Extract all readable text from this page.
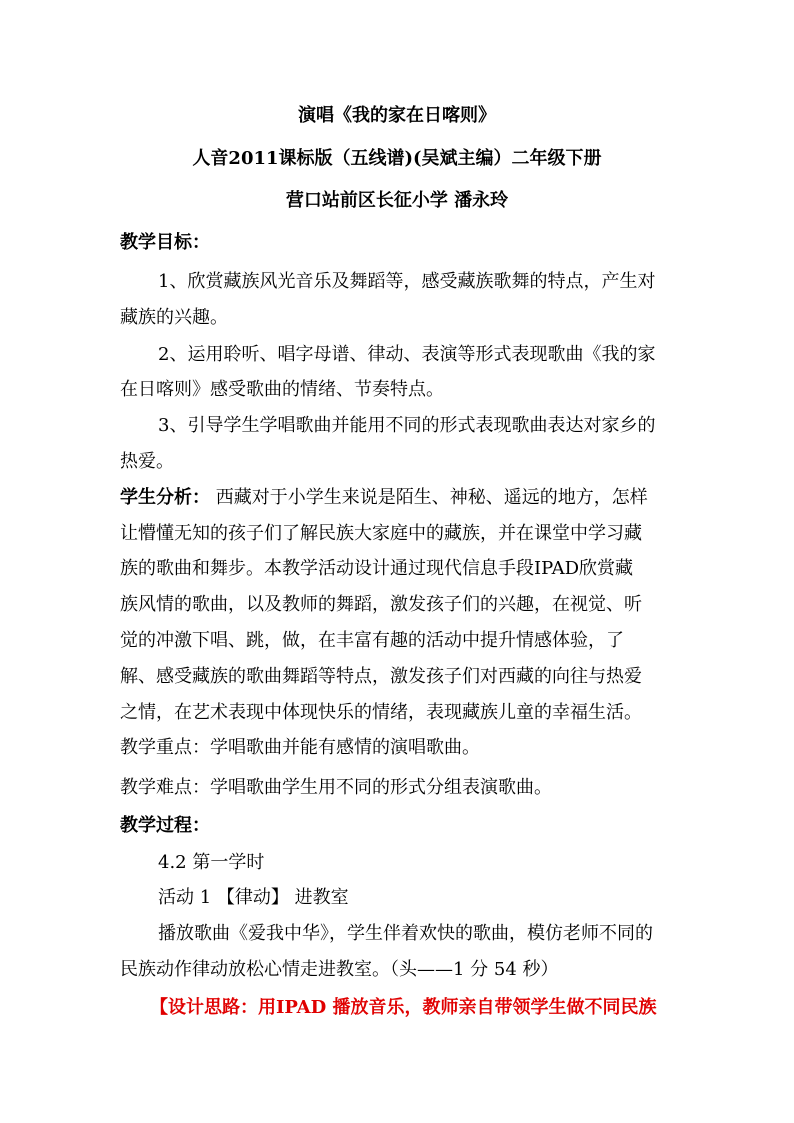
演唱《我的家在日喀则》
人音2011课标版（五线谱)(吴斌主编）二年级下册
营口站前区长征小学 潘永玲
教学目标：
1、欣赏藏族风光音乐及舞蹈等，感受藏族歌舞的特点，产生对
藏族的兴趣。
2、运用聆听、唱字母谱、律动、表演等形式表现歌曲《我的家
在日喀则》感受歌曲的情绪、节奏特点。
3、引导学生学唱歌曲并能用不同的形式表现歌曲表达对家乡的
热爱。
学生分析： 西藏对于小学生来说是陌生、神秘、遥远的地方，怎样
让懵懂无知的孩子们了解民族大家庭中的藏族，并在课堂中学习藏
族的歌曲和舞步。本教学活动设计通过现代信息手段IPAD欣赏藏
族风情的歌曲，以及教师的舞蹈，激发孩子们的兴趣，在视觉、听
觉的冲激下唱、跳，做，在丰富有趣的活动中提升情感体验，了
解、感受藏族的歌曲舞蹈等特点，激发孩子们对西藏的向往与热爱
之情，在艺术表现中体现快乐的情绪，表现藏族儿童的幸福生活。
教学重点：学唱歌曲并能有感情的演唱歌曲。
教学难点：学唱歌曲学生用不同的形式分组表演歌曲。
教学过程：
4.2 第一学时
活动 1 【律动】 进教室
播放歌曲《爱我中华》，学生伴着欢快的歌曲，模仿老师不同的
民族动作律动放松心情走进教室。（头——1 分 54 秒）
【设计思路：用IPAD 播放音乐，教师亲自带领学生做不同民族
